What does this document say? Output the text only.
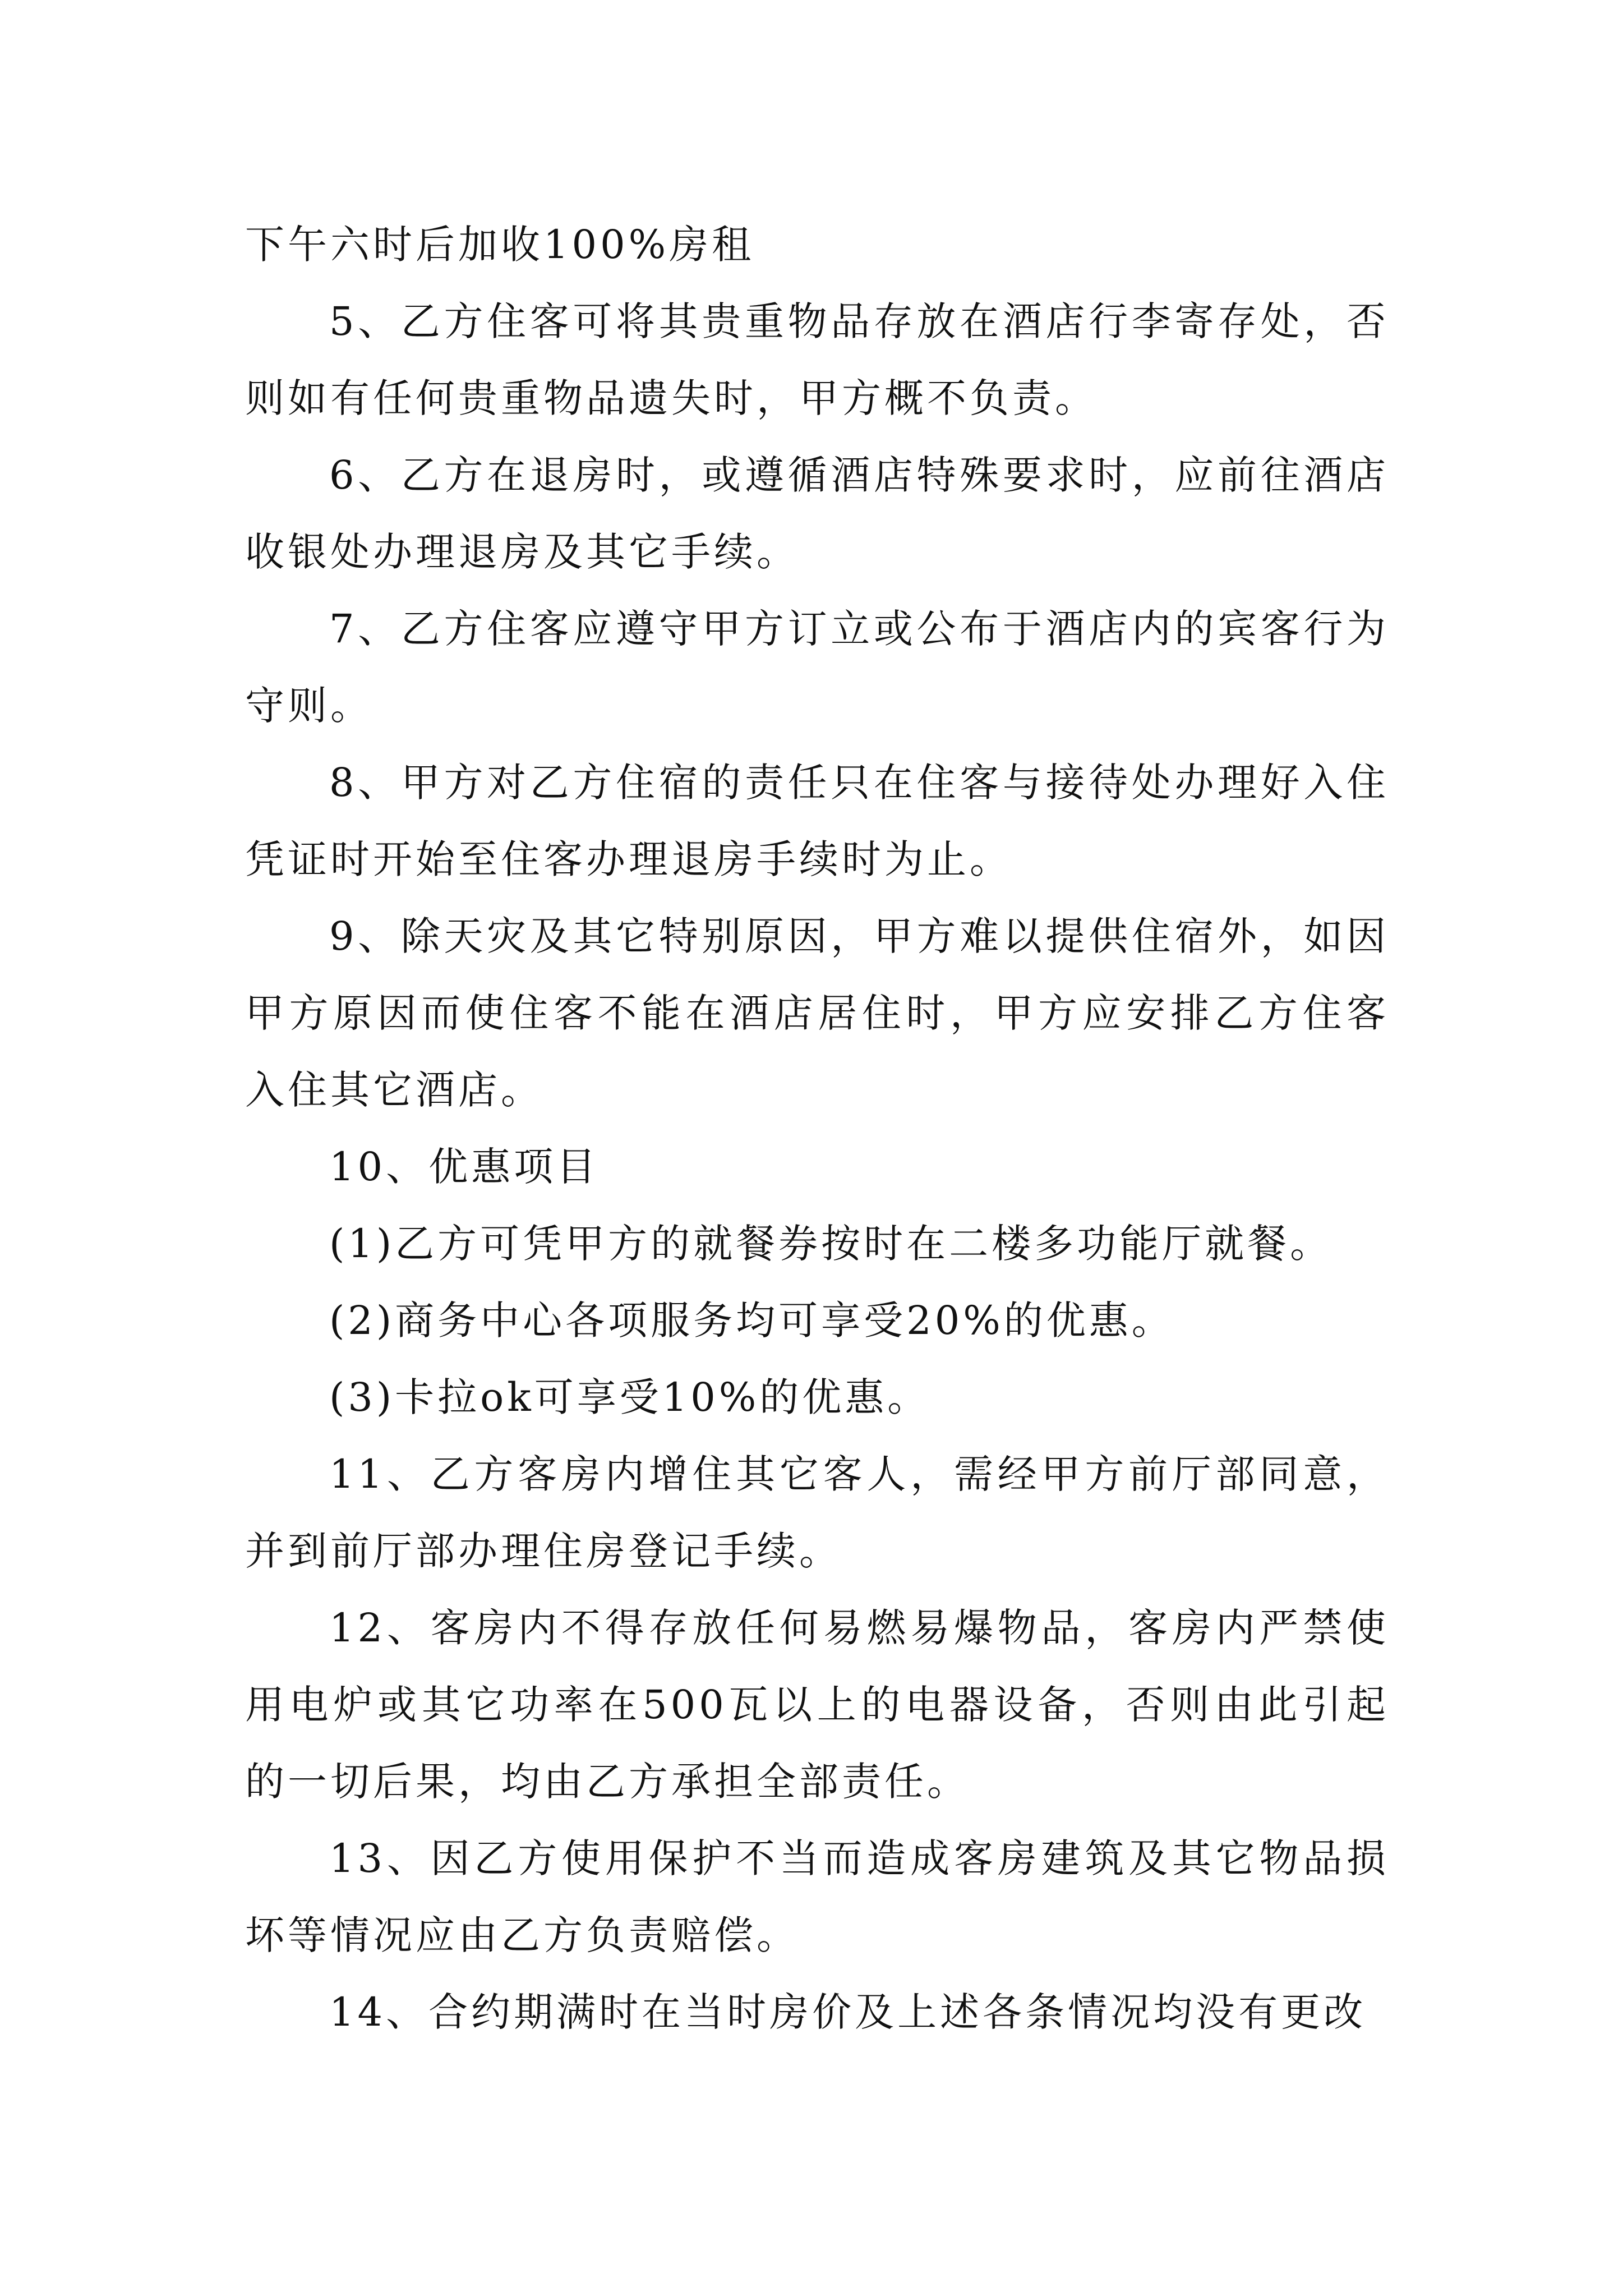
下午六时后加收100%房租

5、乙方住客可将其贵重物品存放在酒店行李寄存处，否则如有任何贵重物品遗失时，甲方概不负责。

6、乙方在退房时，或遵循酒店特殊要求时，应前往酒店收银处办理退房及其它手续。

7、乙方住客应遵守甲方订立或公布于酒店内的宾客行为守则。

8、甲方对乙方住宿的责任只在住客与接待处办理好入住凭证时开始至住客办理退房手续时为止。

9、除天灾及其它特别原因，甲方难以提供住宿外，如因甲方原因而使住客不能在酒店居住时，甲方应安排乙方住客入住其它酒店。

10、优惠项目

(1)乙方可凭甲方的就餐券按时在二楼多功能厅就餐。

(2)商务中心各项服务均可享受20%的优惠。

(3)卡拉ok可享受10%的优惠。

11、乙方客房内增住其它客人，需经甲方前厅部同意，并到前厅部办理住房登记手续。

12、客房内不得存放任何易燃易爆物品，客房内严禁使用电炉或其它功率在500瓦以上的电器设备，否则由此引起的一切后果，均由乙方承担全部责任。

13、因乙方使用保护不当而造成客房建筑及其它物品损坏等情况应由乙方负责赔偿。

14、合约期满时在当时房价及上述各条情况均没有更改
